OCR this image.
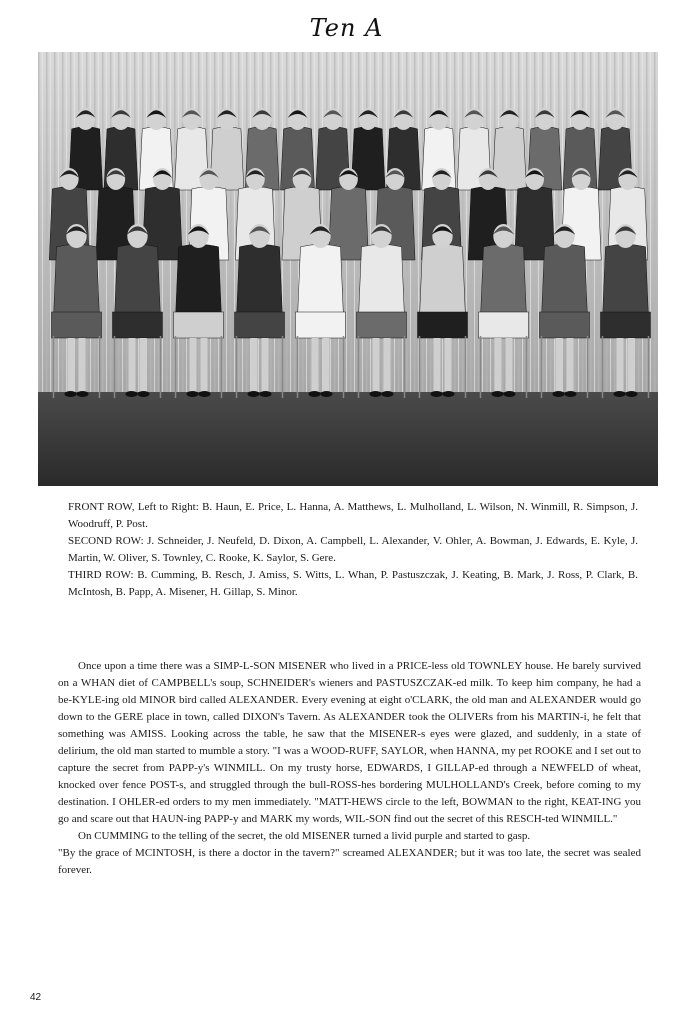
Ten A

FRONT ROW, Left to Right: B. Haun, E. Price, L. Hanna, A. Matthews, L. Mulholland, L. Wilson, N. Winmill, R. Simpson, J. Woodruff, P. Post.

SECOND ROW: J. Schneider, J. Neufeld, D. Dixon, A. Campbell, L. Alexander, V. Ohler, A. Bowman, J. Edwards, E. Kyle, J. Martin, W. Oliver, S. Townley, C. Rooke, K. Saylor, S. Gere.

THIRD ROW: B. Cumming, B. Resch, J. Amiss, S. Witts, L. Whan, P. Pastuszczak, J. Keating, B. Mark, J. Ross, P. Clark, B. McIntosh, B. Papp, A. Misener, H. Gillap, S. Minor.

Once upon a time there was a SIMP-L-SON MISENER who lived in a PRICE-less old TOWNLEY house. He barely survived on a WHAN diet of CAMPBELL's soup, SCHNEIDER's wieners and PASTUSZCZAK-ed milk. To keep him company, he had a be-KYLE-ing old MINOR bird called ALEXANDER. Every evening at eight o'CLARK, the old man and ALEXANDER would go down to the GERE place in town, called DIXON's Tavern. As ALEXANDER took the OLIVERs from his MARTIN-i, he felt that something was AMISS. Looking across the table, he saw that the MISENER-s eyes were glazed, and suddenly, in a state of delirium, the old man started to mumble a story. "I was a WOOD-RUFF, SAYLOR, when HANNA, my pet ROOKE and I set out to capture the secret from PAPP-y's WINMILL. On my trusty horse, EDWARDS, I GILLAP-ed through a NEWFELD of wheat, knocked over fence POST-s, and struggled through the bull-ROSS-hes bordering MULHOLLAND's Creek, before coming to my destination. I OHLER-ed orders to my men immediately. "MATT-HEWS circle to the left, BOWMAN to the right, KEAT-ING you go and scare out that HAUN-ing PAPP-y and MARK my words, WIL-SON find out the secret of this RESCH-ted WINMILL."

On CUMMING to the telling of the secret, the old MISENER turned a livid purple and started to gasp.

"By the grace of MCINTOSH, is there a doctor in the tavern?" screamed ALEXANDER; but it was too late, the secret was sealed forever.

42
